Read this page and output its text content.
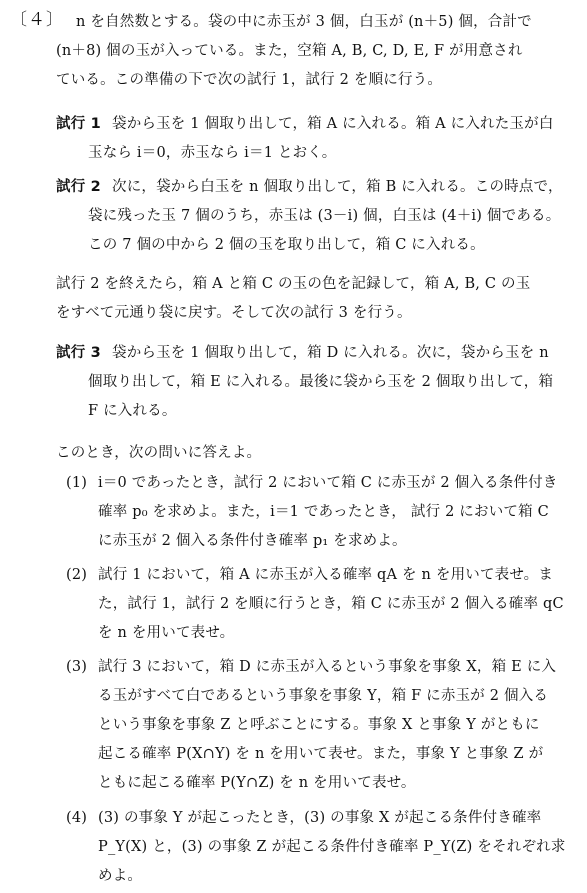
〔４〕 n を自然数とする。袋の中に赤玉が 3 個，白玉が (n＋5) 個，合計で
(n＋8) 個の玉が入っている。また，空箱 A, B, C, D, E, F が用意され
ている。この準備の下で次の試行 1，試行 2 を順に行う。
試行 1 袋から玉を 1 個取り出して，箱 A に入れる。箱 A に入れた玉が白
玉なら i＝0，赤玉なら i＝1 とおく。
試行 2 次に，袋から白玉を n 個取り出して，箱 B に入れる。この時点で，
袋に残った玉 7 個のうち，赤玉は (3－i) 個，白玉は (4＋i) 個である。
この 7 個の中から 2 個の玉を取り出して，箱 C に入れる。
試行 2 を終えたら，箱 A と箱 C の玉の色を記録して，箱 A, B, C の玉
をすべて元通り袋に戻す。そして次の試行 3 を行う。
試行 3 袋から玉を 1 個取り出して，箱 D に入れる。次に，袋から玉を n
個取り出して，箱 E に入れる。最後に袋から玉を 2 個取り出して，箱
F に入れる。
このとき，次の問いに答えよ。
(1) i＝0 であったとき，試行 2 において箱 C に赤玉が 2 個入る条件付き
確率 p₀ を求めよ。また，i＝1 であったとき， 試行 2 において箱 C
に赤玉が 2 個入る条件付き確率 p₁ を求めよ。
(2) 試行 1 において，箱 A に赤玉が入る確率 qA を n を用いて表せ。ま
た，試行 1，試行 2 を順に行うとき，箱 C に赤玉が 2 個入る確率 qC
を n を用いて表せ。
(3) 試行 3 において，箱 D に赤玉が入るという事象を事象 X，箱 E に入
る玉がすべて白であるという事象を事象 Y，箱 F に赤玉が 2 個入る
という事象を事象 Z と呼ぶことにする。事象 X と事象 Y がともに
起こる確率 P(X∩Y) を n を用いて表せ。また，事象 Y と事象 Z が
ともに起こる確率 P(Y∩Z) を n を用いて表せ。
(4) (3) の事象 Y が起こったとき，(3) の事象 X が起こる条件付き確率
P_Y(X) と，(3) の事象 Z が起こる条件付き確率 P_Y(Z) をそれぞれ求
めよ。
